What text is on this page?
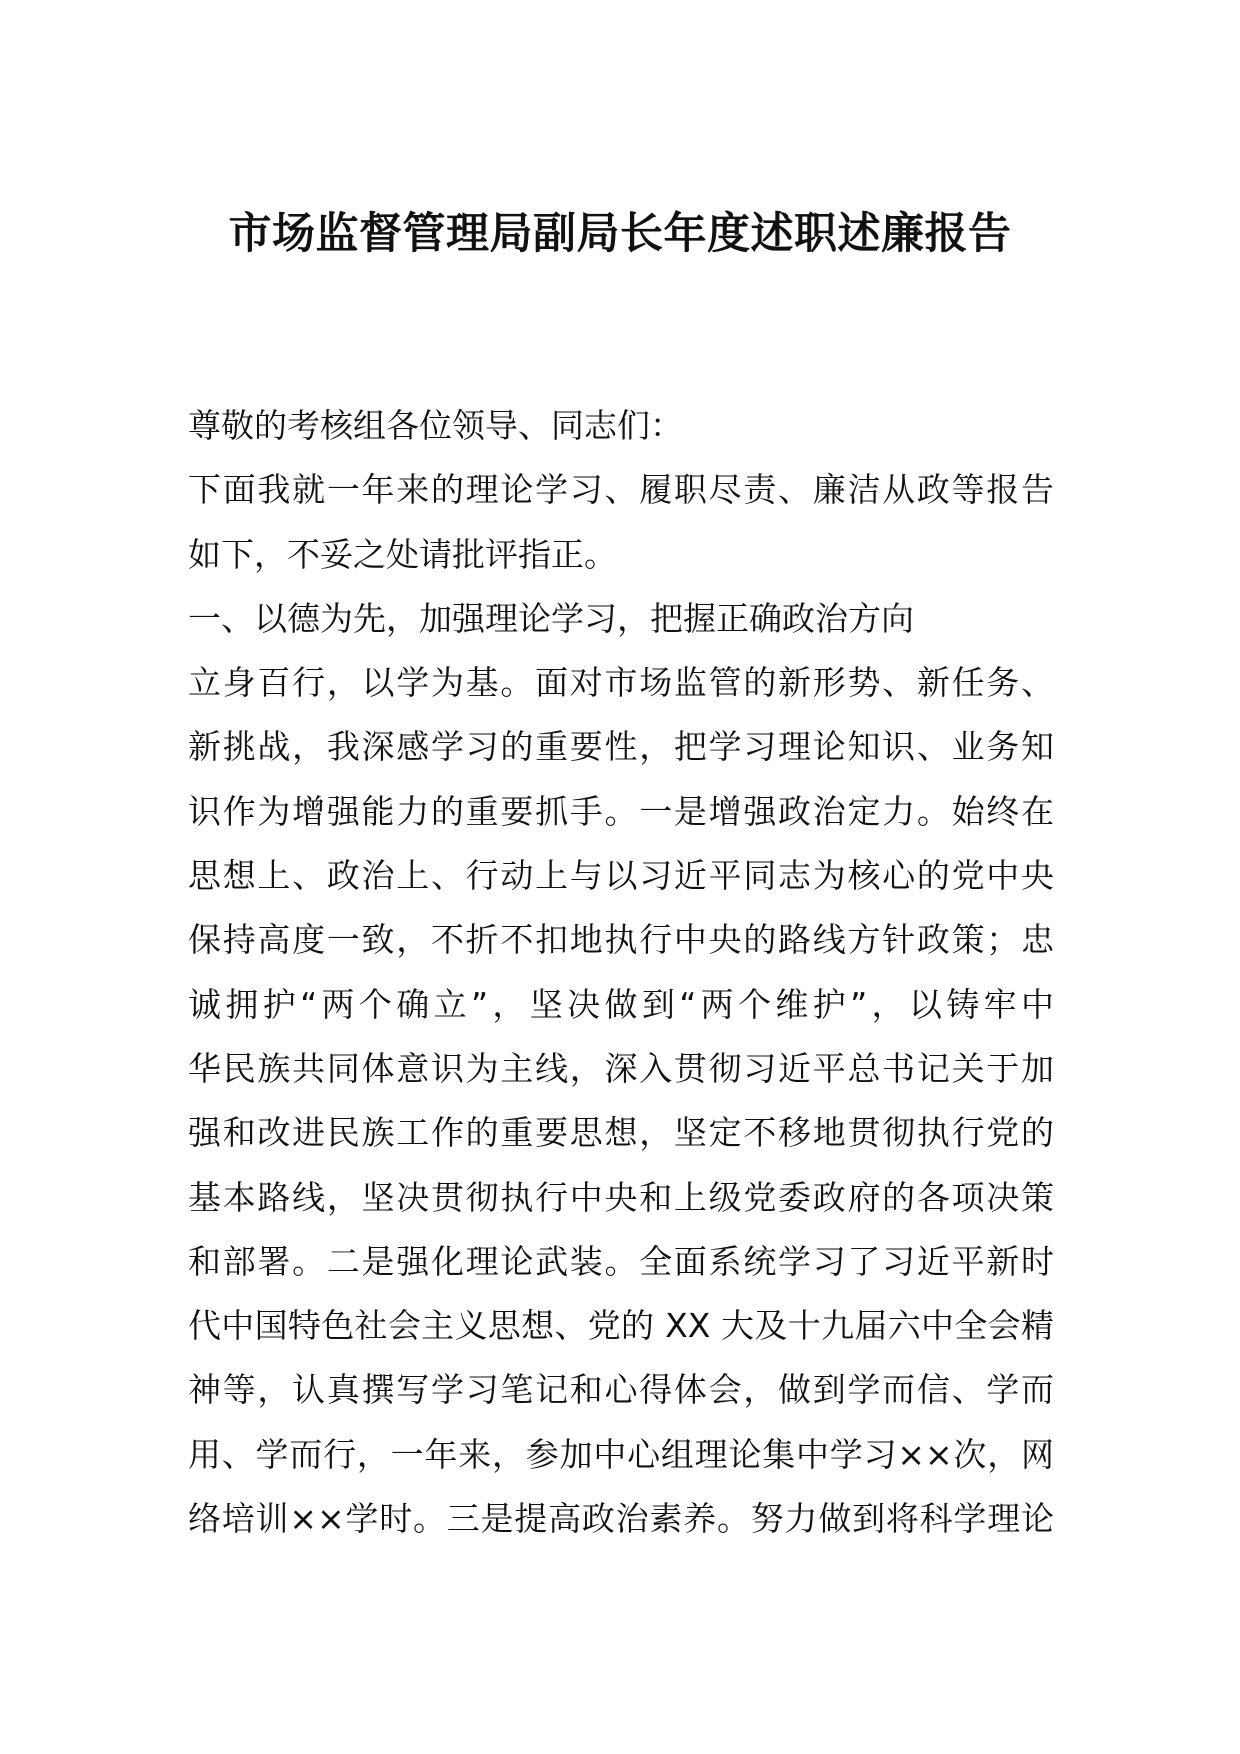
市场监督管理局副局长年度述职述廉报告
尊敬的考核组各位领导、同志们：
下面我就一年来的理论学习、履职尽责、廉洁从政等报告
如下，不妥之处请批评指正。
一、以德为先，加强理论学习，把握正确政治方向
立身百行，以学为基。面对市场监管的新形势、新任务、
新挑战，我深感学习的重要性，把学习理论知识、业务知
识作为增强能力的重要抓手。一是增强政治定力。始终在
思想上、政治上、行动上与以习近平同志为核心的党中央
保持高度一致，不折不扣地执行中央的路线方针政策；忠
诚拥护“两个确立”，坚决做到“两个维护”，以铸牢中
华民族共同体意识为主线，深入贯彻习近平总书记关于加
强和改进民族工作的重要思想，坚定不移地贯彻执行党的
基本路线，坚决贯彻执行中央和上级党委政府的各项决策
和部署。二是强化理论武装。全面系统学习了习近平新时
代中国特色社会主义思想、党的 XX 大及十九届六中全会精
神等，认真撰写学习笔记和心得体会，做到学而信、学而
用、学而行，一年来，参加中心组理论集中学习××次，网
络培训××学时。三是提高政治素养。努力做到将科学理论
